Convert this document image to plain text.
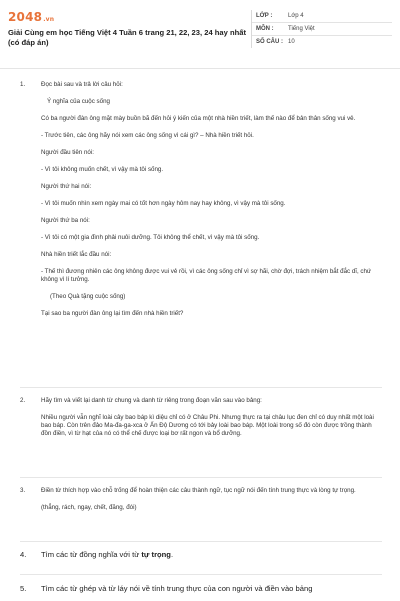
2048.vn
Giải Cùng em học Tiếng Việt 4 Tuần 6 trang 21, 22, 23, 24 hay nhất (có đáp án)
LỚP :	Lớp 4
MÔN :	Tiếng Việt
SỐ CÂU : 10
1.	Đọc bài sau và trả lời câu hỏi:

Ý nghĩa của cuộc sống

Có ba người đàn ông mặt mày buồn bã đến hỏi ý kiến của một nhà hiền triết, làm thế nào để bản thân sống vui vẻ.

- Trước tiên, các ông hãy nói xem các ông sống vì cái gì? – Nhà hiền triết hỏi.

Người đầu tiên nói:

- Vì tôi không muốn chết, vì vậy mà tôi sống.

Người thứ hai nói:

- Vì tôi muốn nhìn xem ngày mai có tốt hơn ngày hôm nay hay không, vì vậy mà tôi sống.

Người thứ ba nói:

- Vì tôi có một gia đình phải nuôi dưỡng. Tôi không thể chết, vì vậy mà tôi sống.

Nhà hiền triết lắc đầu nói:

- Thế thì đương nhiên các ông không được vui vẻ rồi, vì các ông sống chỉ vì sợ hãi, chờ đợi, trách nhiệm bắt đắc dĩ, chứ không vì lí tưởng.

(Theo Quà tặng cuộc sống)

Tại sao ba người đàn ông lại tìm đến nhà hiền triết?

2.	Hãy tìm và viết lại danh từ chung và danh từ riêng trong đoạn văn sau vào bảng:

Nhiều người vẫn nghĩ loài cây bao báp kì diệu chỉ có ở Châu Phi. Nhưng thực ra tại châu lục đen chỉ có duy nhất một loài bao báp. Còn trên đảo Ma-đa-ga-xca ở Ấn Độ Dương có tới bảy loài bao báp. Một loài trong số đó còn được trồng thành đồn điền, vì từ hạt của nó có thể chế được loại bơ rất ngon và bổ dưỡng.

3.	Điền từ thích hợp vào chỗ trống để hoàn thiện các câu thành ngữ, tục ngữ nói đến tính trung thực và lòng tự trọng.

(thẳng, rách, ngay, chết, đăng, đói)

4.	Tìm các từ đồng nghĩa với từ tự trọng.
5.	Tìm các từ ghép và từ láy nói về tính trung thực của con người và điền vào bảng
